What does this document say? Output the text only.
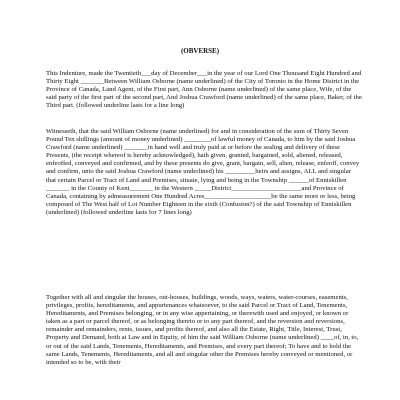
(OBVERSE)

This Indenture, made the Twentieth___day of December___in the year of our Lord One Thousand Eight Hundred and Thirty Eight _______Between William Osborne (name underlined) of the City of Toronto in the Home District in the Province of Canada, Land Agent, of the First part, Ann Osborne (name underlined) of the same place, Wife, of the said party of the first part of the second part, And Joshua Crawford (name underlined) of the same place, Baker, of the Third part. (followed underline lasts for a line long)

Witnesseth, that the said William Osborne (name underlined) for and in consideration of the sum of Thirty Seven Pound Ten shillings (amount of money underlined) ________of lawful money of Canada, to him by the said Joshua Crawford (name underlined) _______in hand well and truly paid at or before the sealing and delivery of these Presents, (the receipt whereof is hereby acknowledged), hath given, granted, bargained, sold, aliened, released, enfeoffed, conveyed and confirmed, and by these presents do give, grant, bargain, sell, alien, release, enfeoff, convey and confirm, unto the said Joshua Crawford (name underlined) his _________heirs and assigns, ALL and singular that certain Parcel or Tract of Land and Premises, situate, lying and being in the Township ______of Enniskillen _______ in the County of Kent_______ in the Western _____District_____________________and Province of Canada, containing by admeasurement One Hundred Acres____________________be the same more or less, being composed of The West half of Lot Number Eighteen in the sixth (Confusion?) of the said Township of Enniskillen (underlined) (followed underline lasts for 7 lines long)

Together with all and singular the houses, out-houses, buildings, woods, ways, waters, water-courses, easements, privileges, profits, hereditaments, and appurtenances whatsoever, to the said Parcel or Tract of Land, Tenements, Hereditaments, and Premises belonging, or in any wise appertaining, or therewith used and enjoyed, or known or taken as a part or parcel thereof, or as belonging thereto or to any part thereof, and the reversion and reversions, remainder and remainders, rents, issues, and profits thereof, and also all the Estate, Right, Title, Interest, Trust, Property and Demand, both at Law and in Equity, of him the said William Osborne (name underlined) ____of, in, to, or out of the said Lands, Tenements, Hereditaments, and Premises, and every part thereof; To have and to hold the same Lands, Tenements, Hereditaments, and all and singular other the Premises hereby conveyed or mentioned, or intended so to be, with their
